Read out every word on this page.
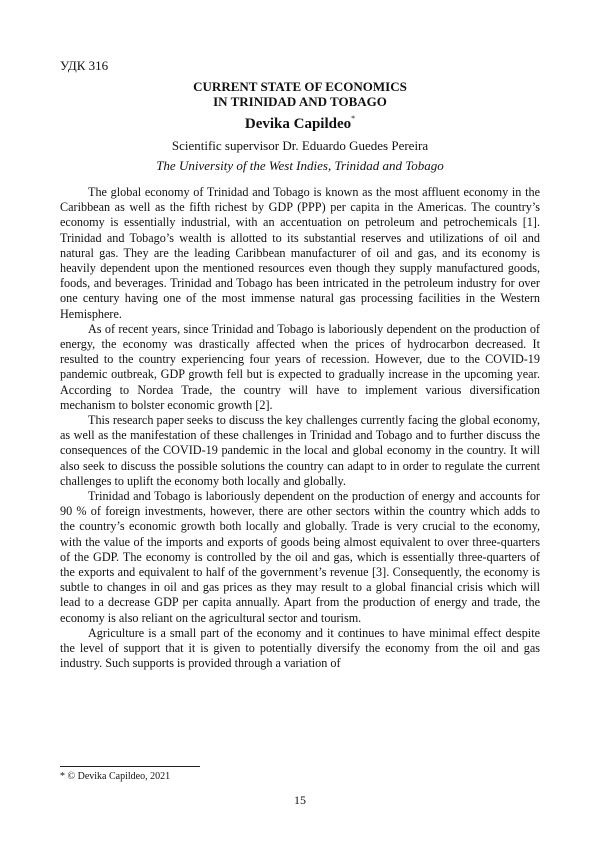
УДК 316
CURRENT STATE OF ECONOMICS
IN TRINIDAD AND TOBAGO
Devika Capildeo*
Scientific supervisor Dr. Eduardo Guedes Pereira
The University of the West Indies, Trinidad and Tobago

The global economy of Trinidad and Tobago is known as the most affluent economy in the Caribbean as well as the fifth richest by GDP (PPP) per capita in the Americas. The country’s economy is essentially industrial, with an accentuation on petroleum and petrochemicals [1]. Trinidad and Tobago’s wealth is allotted to its substantial reserves and utilizations of oil and natural gas. They are the leading Caribbean manufacturer of oil and gas, and its economy is heavily dependent upon the mentioned resources even though they supply manufactured goods, foods, and beverages. Trinidad and Tobago has been intricated in the petroleum industry for over one century having one of the most immense natural gas processing facilities in the Western Hemisphere.

As of recent years, since Trinidad and Tobago is laboriously dependent on the production of energy, the economy was drastically affected when the prices of hydrocarbon decreased. It resulted to the country experiencing four years of recession. However, due to the COVID-19 pandemic outbreak, GDP growth fell but is expected to gradually increase in the upcoming year. According to Nordea Trade, the country will have to implement various diversification mechanism to bolster economic growth [2].

This research paper seeks to discuss the key challenges currently facing the global economy, as well as the manifestation of these challenges in Trinidad and Tobago and to further discuss the consequences of the COVID-19 pandemic in the local and global economy in the country. It will also seek to discuss the possible solutions the country can adapt to in order to regulate the current challenges to uplift the economy both locally and globally.

Trinidad and Tobago is laboriously dependent on the production of energy and accounts for 90 % of foreign investments, however, there are other sectors within the country which adds to the country’s economic growth both locally and globally. Trade is very crucial to the economy, with the value of the imports and exports of goods being almost equivalent to over three-quarters of the GDP. The economy is controlled by the oil and gas, which is essentially three-quarters of the exports and equivalent to half of the government’s revenue [3]. Consequently, the economy is subtle to changes in oil and gas prices as they may result to a global financial crisis which will lead to a decrease GDP per capita annually. Apart from the production of energy and trade, the economy is also reliant on the agricultural sector and tourism.

Agriculture is a small part of the economy and it continues to have minimal effect despite the level of support that it is given to potentially diversify the economy from the oil and gas industry. Such supports is provided through a variation of

* © Devika Capildeo, 2021
15
